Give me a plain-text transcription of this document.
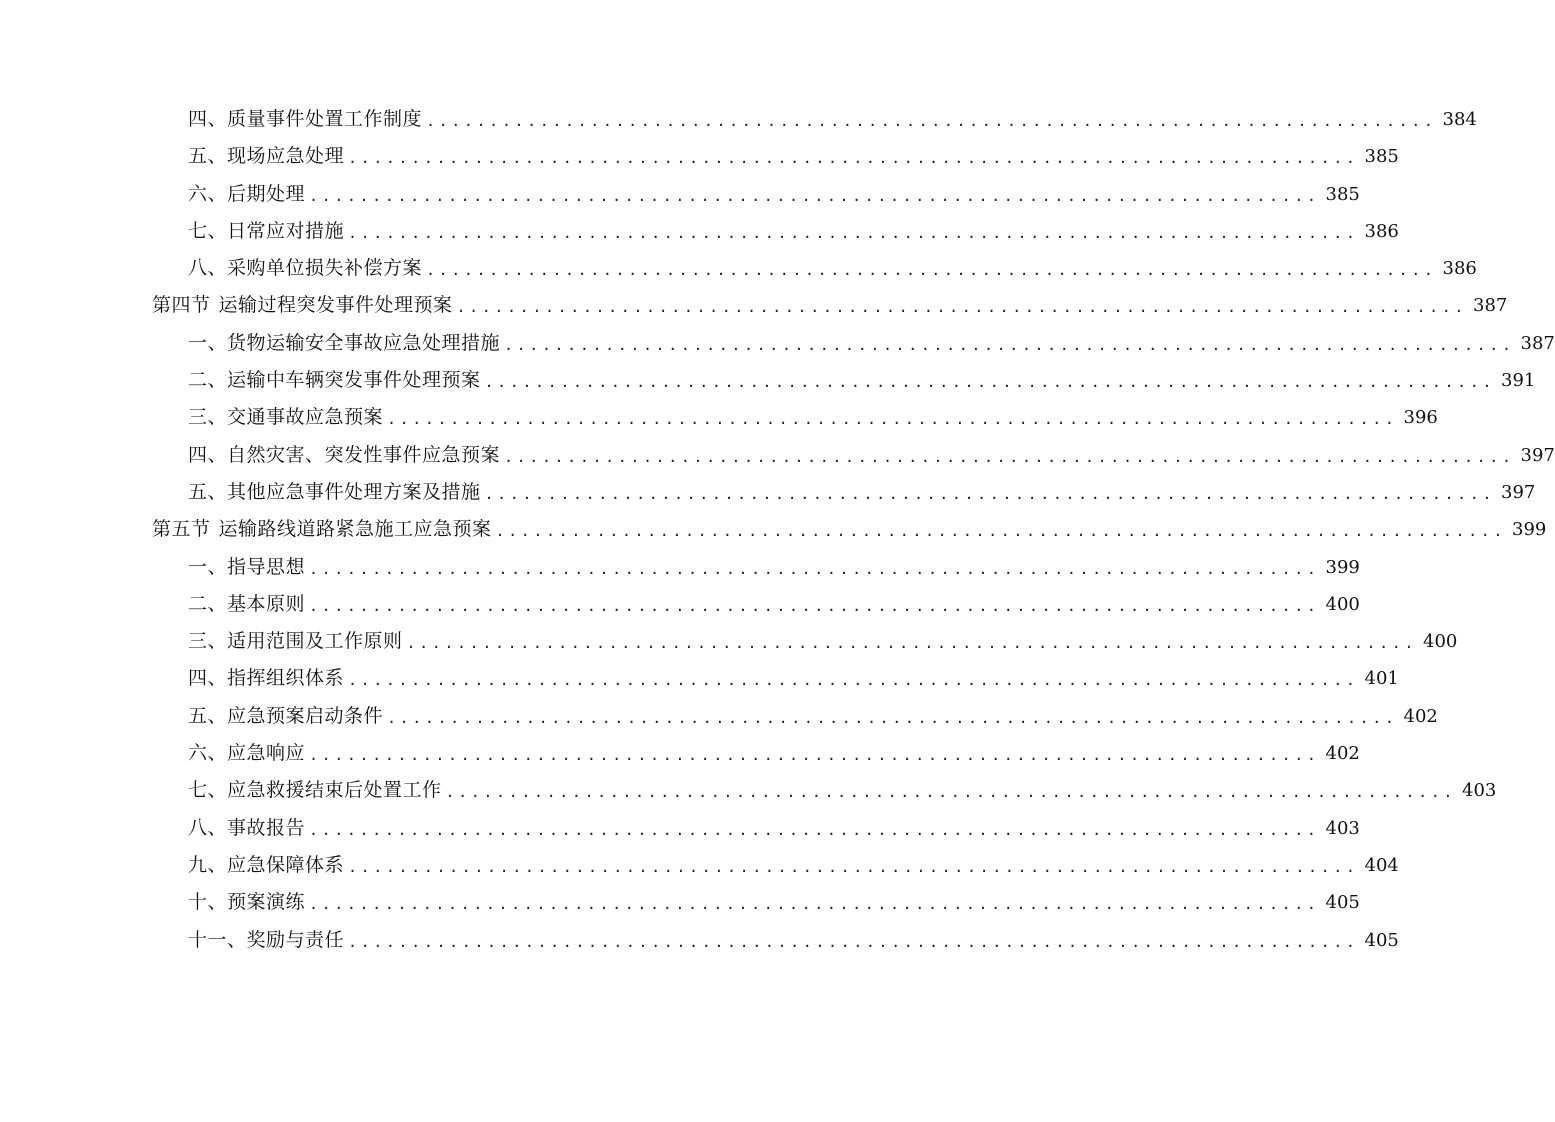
四、质量事件处置工作制度 ................................................................................ 384
五、现场应急处理 ................................................................................ 385
六、后期处理 ................................................................................ 385
七、日常应对措施 ................................................................................ 386
八、采购单位损失补偿方案 ................................................................................ 386
第四节 运输过程突发事件处理预案 ................................................................................ 387
一、货物运输安全事故应急处理措施 ................................................................................ 387
二、运输中车辆突发事件处理预案 ................................................................................ 391
三、交通事故应急预案 ................................................................................ 396
四、自然灾害、突发性事件应急预案 ................................................................................ 397
五、其他应急事件处理方案及措施 ................................................................................ 397
第五节 运输路线道路紧急施工应急预案 ................................................................................ 399
一、指导思想 ................................................................................ 399
二、基本原则 ................................................................................ 400
三、适用范围及工作原则 ................................................................................ 400
四、指挥组织体系 ................................................................................ 401
五、应急预案启动条件 ................................................................................ 402
六、应急响应 ................................................................................ 402
七、应急救援结束后处置工作 ................................................................................ 403
八、事故报告 ................................................................................ 403
九、应急保障体系 ................................................................................ 404
十、预案演练 ................................................................................ 405
十一、奖励与责任 ................................................................................ 405
